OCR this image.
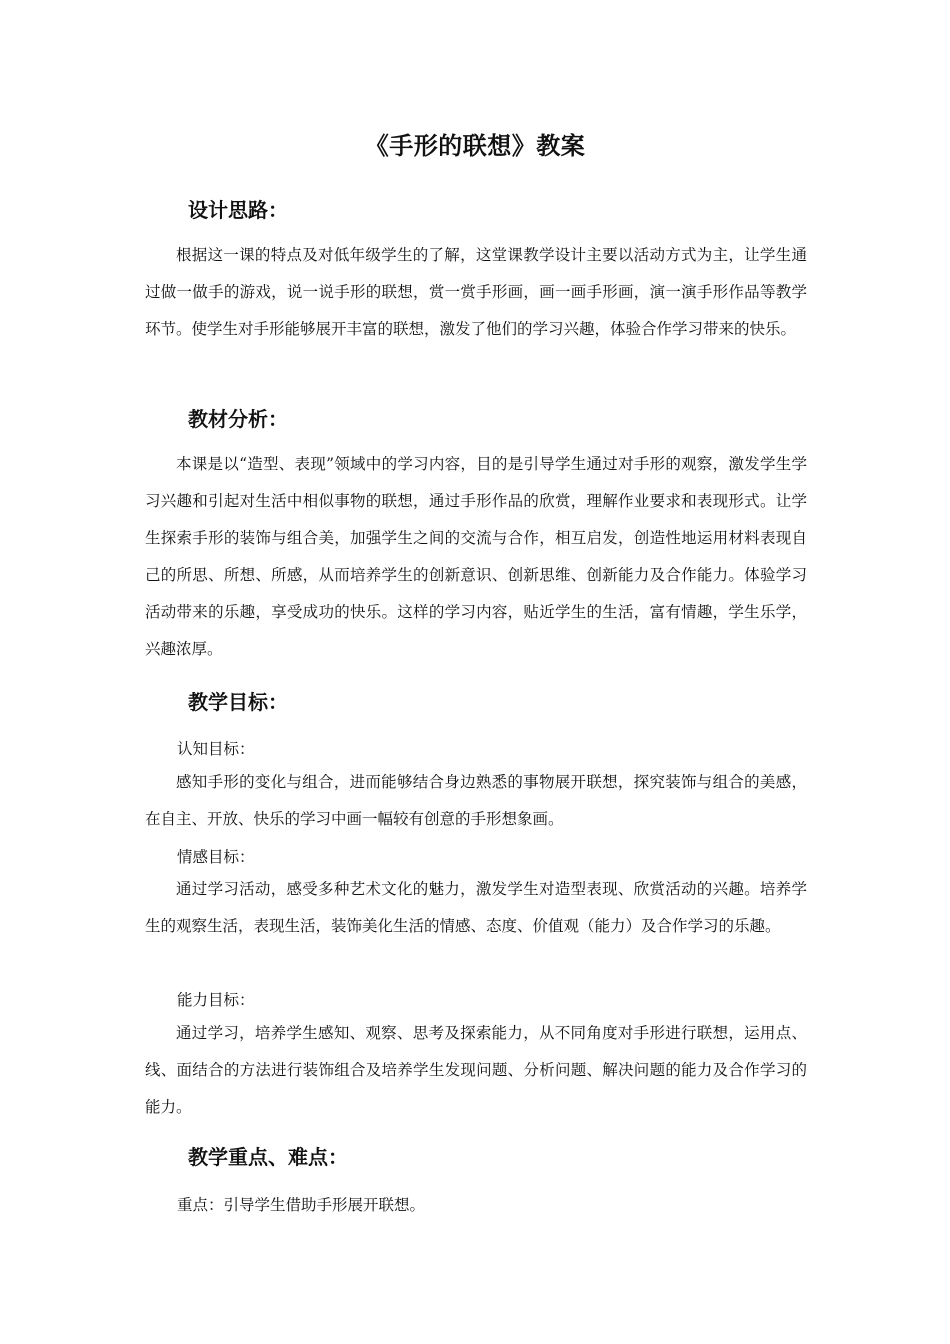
《手形的联想》教案
设计思路：

根据这一课的特点及对低年级学生的了解，这堂课教学设计主要以活动方式为主，让学生通过做一做手的游戏，说一说手形的联想，赏一赏手形画，画一画手形画，演一演手形作品等教学环节。使学生对手形能够展开丰富的联想，激发了他们的学习兴趣，体验合作学习带来的快乐。

教材分析：

本课是以“造型、表现”领域中的学习内容，目的是引导学生通过对手形的观察，激发学生学习兴趣和引起对生活中相似事物的联想，通过手形作品的欣赏，理解作业要求和表现形式。让学生探索手形的装饰与组合美，加强学生之间的交流与合作，相互启发，创造性地运用材料表现自己的所思、所想、所感，从而培养学生的创新意识、创新思维、创新能力及合作能力。体验学习活动带来的乐趣，享受成功的快乐。这样的学习内容，贴近学生的生活，富有情趣，学生乐学，兴趣浓厚。

教学目标：
认知目标：

感知手形的变化与组合，进而能够结合身边熟悉的事物展开联想，探究装饰与组合的美感，在自主、开放、快乐的学习中画一幅较有创意的手形想象画。

情感目标：

通过学习活动，感受多种艺术文化的魅力，激发学生对造型表现、欣赏活动的兴趣。培养学生的观察生活，表现生活，装饰美化生活的情感、态度、价值观（能力）及合作学习的乐趣。

能力目标：

通过学习，培养学生感知、观察、思考及探索能力，从不同角度对手形进行联想，运用点、线、面结合的方法进行装饰组合及培养学生发现问题、分析问题、解决问题的能力及合作学习的能力。

教学重点、难点：
重点：引导学生借助手形展开联想。
